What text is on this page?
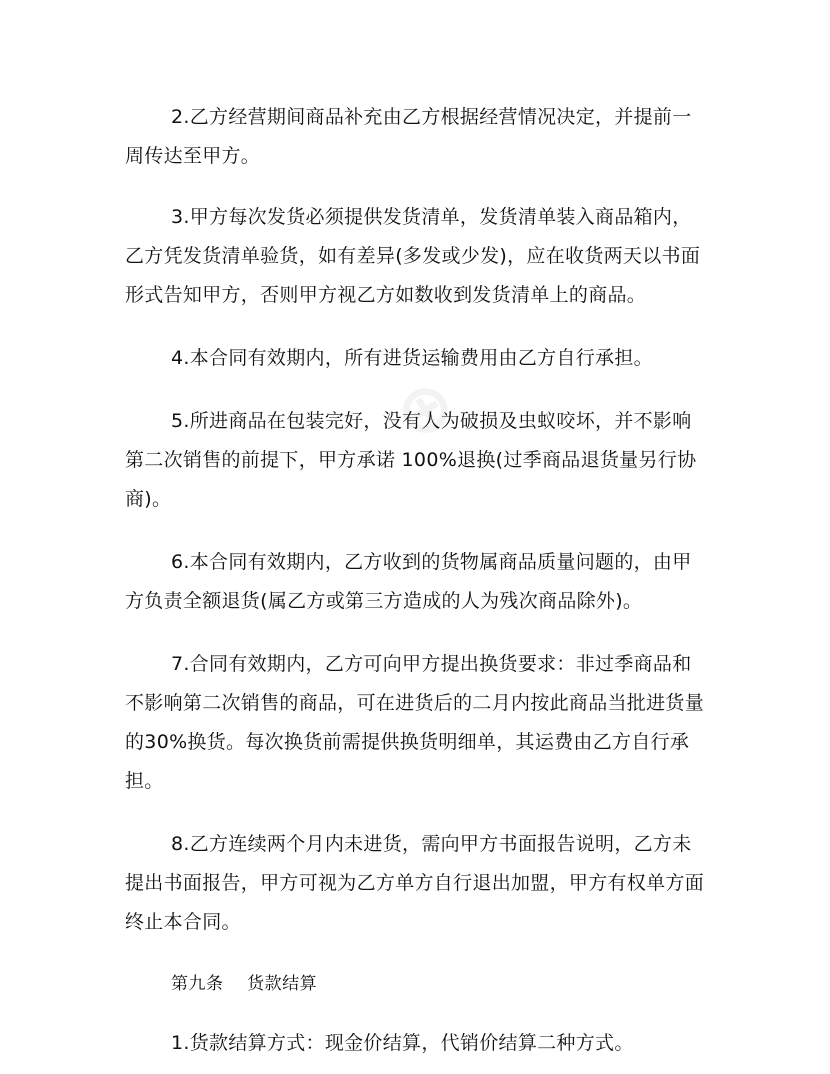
⊕

2.乙方经营期间商品补充由乙方根据经营情况决定，并提前一周传达至甲方。

3.甲方每次发货必须提供发货清单，发货清单装入商品箱内，乙方凭发货清单验货，如有差异(多发或少发)，应在收货两天以书面形式告知甲方，否则甲方视乙方如数收到发货清单上的商品。

4.本合同有效期内，所有进货运输费用由乙方自行承担。

5.所进商品在包装完好，没有人为破损及虫蚁咬坏，并不影响第二次销售的前提下，甲方承诺 100%退换(过季商品退货量另行协商)。

6.本合同有效期内，乙方收到的货物属商品质量问题的，由甲方负责全额退货(属乙方或第三方造成的人为残次商品除外)。

7.合同有效期内，乙方可向甲方提出换货要求：非过季商品和不影响第二次销售的商品，可在进货后的二月内按此商品当批进货量的30%换货。每次换货前需提供换货明细单，其运费由乙方自行承担。

8.乙方连续两个月内未进货，需向甲方书面报告说明，乙方未提出书面报告，甲方可视为乙方单方自行退出加盟，甲方有权单方面终止本合同。

第九条    货款结算

1.货款结算方式：现金价结算，代销价结算二种方式。
